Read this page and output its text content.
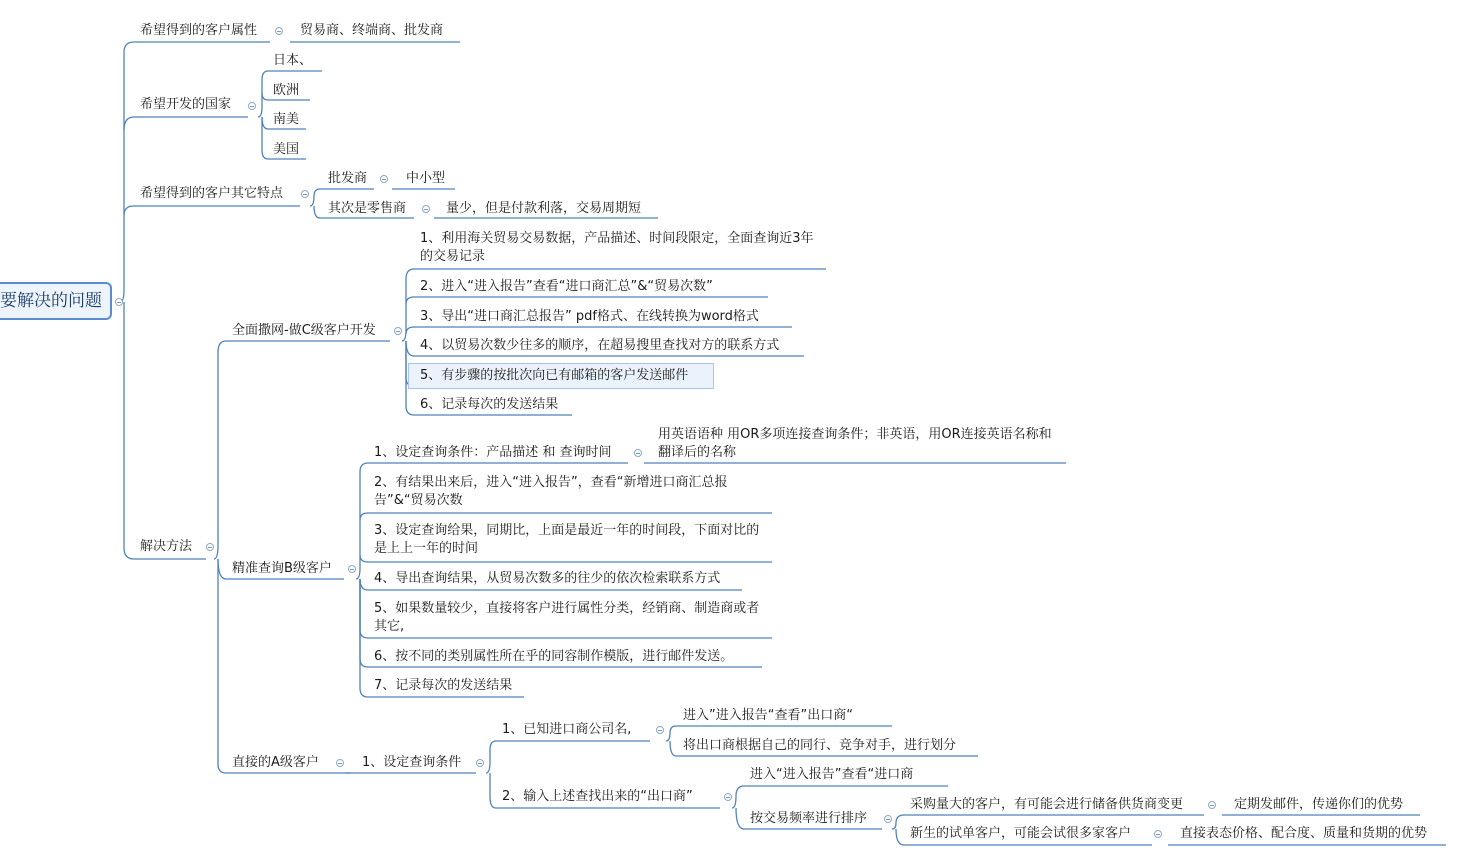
要解决的问题
希望得到的客户属性	贸易商、终端商、批发商
希望开发的国家
日本、
欧洲
南美
美国
希望得到的客户其它特点
批发商	中小型
其次是零售商	量少，但是付款利落，交易周期短
解决方法
全面撒网-做C级客户开发
1、利用海关贸易交易数据，产品描述、时间段限定，全面查询近3年的交易记录
2、进入“进入报告”查看“进口商汇总”&“贸易次数”
3、导出“进口商汇总报告” pdf格式、在线转换为word格式
4、以贸易次数少往多的顺序，在超易搜里查找对方的联系方式
5、有步骤的按批次向已有邮箱的客户发送邮件
6、记录每次的发送结果
精准查询B级客户
1、设定查询条件：产品描述 和 查询时间
用英语语种 用OR多项连接查询条件；非英语，用OR连接英语名称和翻译后的名称
2、有结果出来后，进入“进入报告”，查看“新增进口商汇总报告”&“贸易次数
3、设定查询给果，同期比，上面是最近一年的时间段，下面对比的是上上一年的时间
4、导出查询结果，从贸易次数多的往少的依次检索联系方式
5、如果数量较少，直接将客户进行属性分类，经销商、制造商或者其它,
6、按不同的类别属性所在乎的同容制作模版，进行邮件发送。
7、记录每次的发送结果
直接的A级客户	1、设定查询条件
1、已知进口商公司名,
进入”进入报告“查看”出口商“
将出口商根据自己的同行、竞争对手，进行划分
2、输入上述查找出来的“出口商”
进入“进入报告”查看“进口商
按交易频率进行排序
采购量大的客户，有可能会进行储备供货商变更	定期发邮件，传递你们的优势
新生的试单客户，可能会试很多家客户	直接表态价格、配合度、质量和货期的优势
